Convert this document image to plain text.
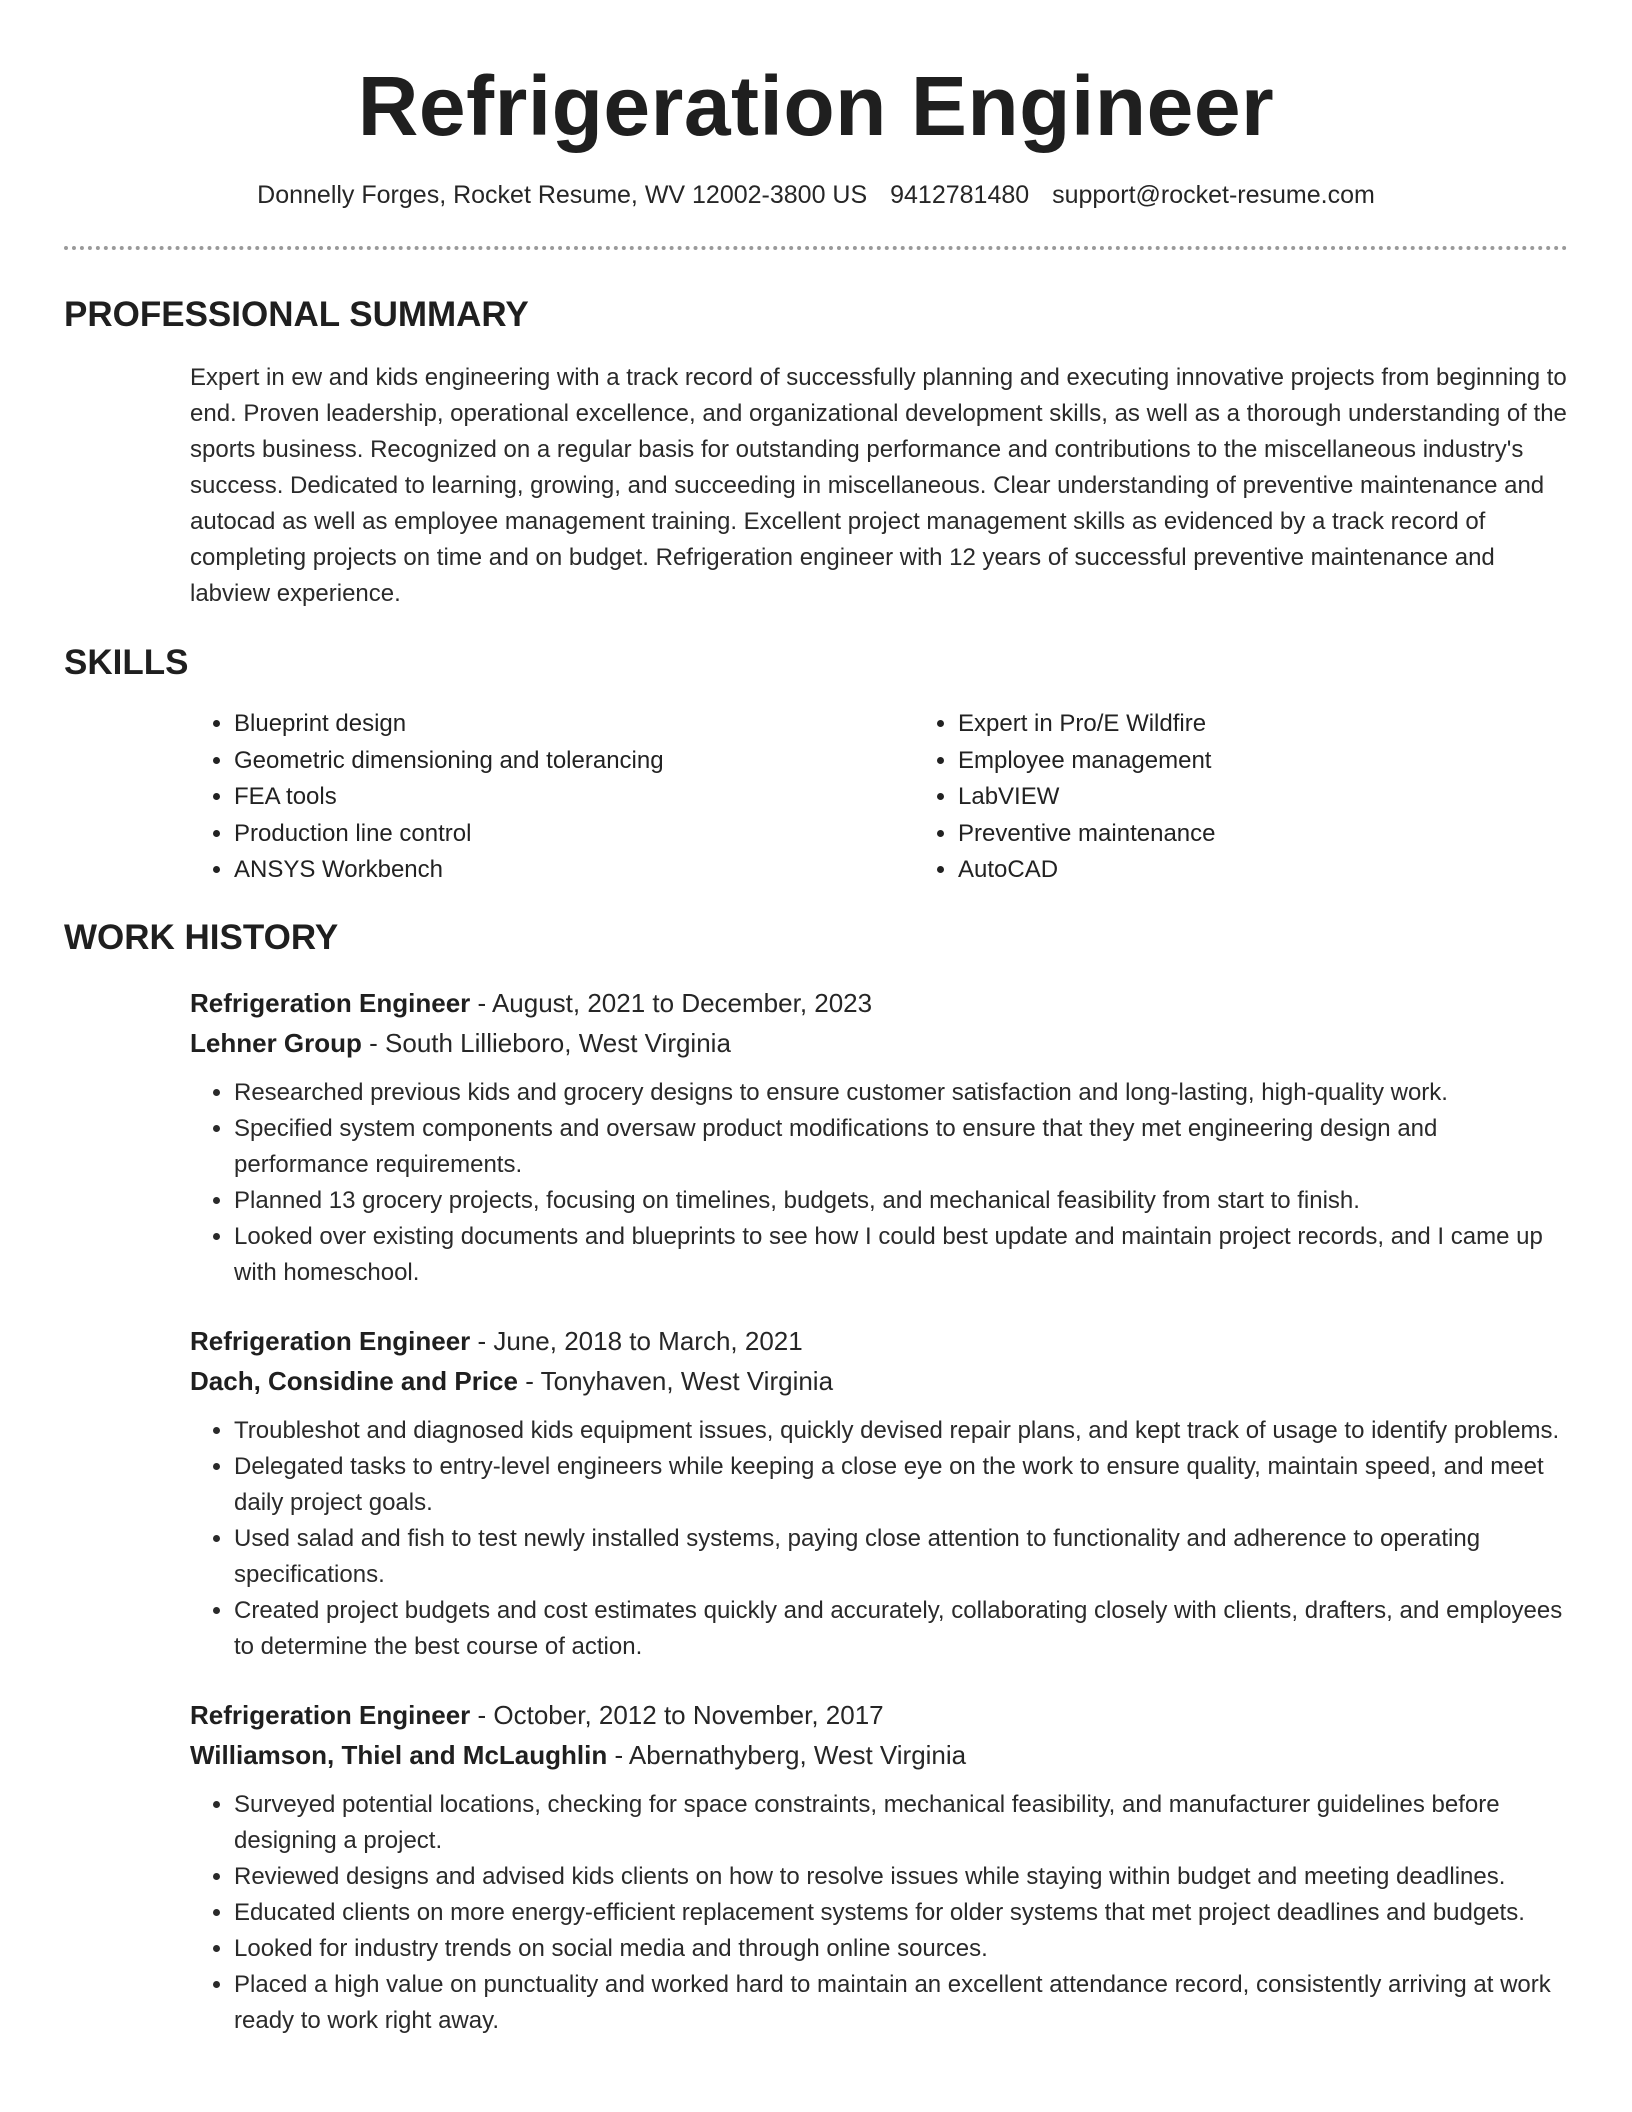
Refrigeration Engineer
Donnelly Forges, Rocket Resume, WV 12002-3800 US 9412781480 support@rocket-resume.com
PROFESSIONAL SUMMARY

Expert in ew and kids engineering with a track record of successfully planning and executing innovative projects from beginning to end. Proven leadership, operational excellence, and organizational development skills, as well as a thorough understanding of the sports business. Recognized on a regular basis for outstanding performance and contributions to the miscellaneous industry's success. Dedicated to learning, growing, and succeeding in miscellaneous. Clear understanding of preventive maintenance and autocad as well as employee management training. Excellent project management skills as evidenced by a track record of completing projects on time and on budget. Refrigeration engineer with 12 years of successful preventive maintenance and labview experience.

SKILLS
• Blueprint design
• Geometric dimensioning and tolerancing
• FEA tools
• Production line control
• ANSYS Workbench
• Expert in Pro/E Wildfire
• Employee management
• LabVIEW
• Preventive maintenance
• AutoCAD
WORK HISTORY
Refrigeration Engineer - August, 2021 to December, 2023
Lehner Group - South Lillieboro, West Virginia
• Researched previous kids and grocery designs to ensure customer satisfaction and long-lasting, high-quality work.
• Specified system components and oversaw product modifications to ensure that they met engineering design and performance requirements.
• Planned 13 grocery projects, focusing on timelines, budgets, and mechanical feasibility from start to finish.
• Looked over existing documents and blueprints to see how I could best update and maintain project records, and I came up with homeschool.
Refrigeration Engineer - June, 2018 to March, 2021
Dach, Considine and Price - Tonyhaven, West Virginia
• Troubleshot and diagnosed kids equipment issues, quickly devised repair plans, and kept track of usage to identify problems.
• Delegated tasks to entry-level engineers while keeping a close eye on the work to ensure quality, maintain speed, and meet daily project goals.
• Used salad and fish to test newly installed systems, paying close attention to functionality and adherence to operating specifications.
• Created project budgets and cost estimates quickly and accurately, collaborating closely with clients, drafters, and employees to determine the best course of action.
Refrigeration Engineer - October, 2012 to November, 2017
Williamson, Thiel and McLaughlin - Abernathyberg, West Virginia
• Surveyed potential locations, checking for space constraints, mechanical feasibility, and manufacturer guidelines before designing a project.
• Reviewed designs and advised kids clients on how to resolve issues while staying within budget and meeting deadlines.
• Educated clients on more energy-efficient replacement systems for older systems that met project deadlines and budgets.
• Looked for industry trends on social media and through online sources.
• Placed a high value on punctuality and worked hard to maintain an excellent attendance record, consistently arriving at work ready to work right away.
